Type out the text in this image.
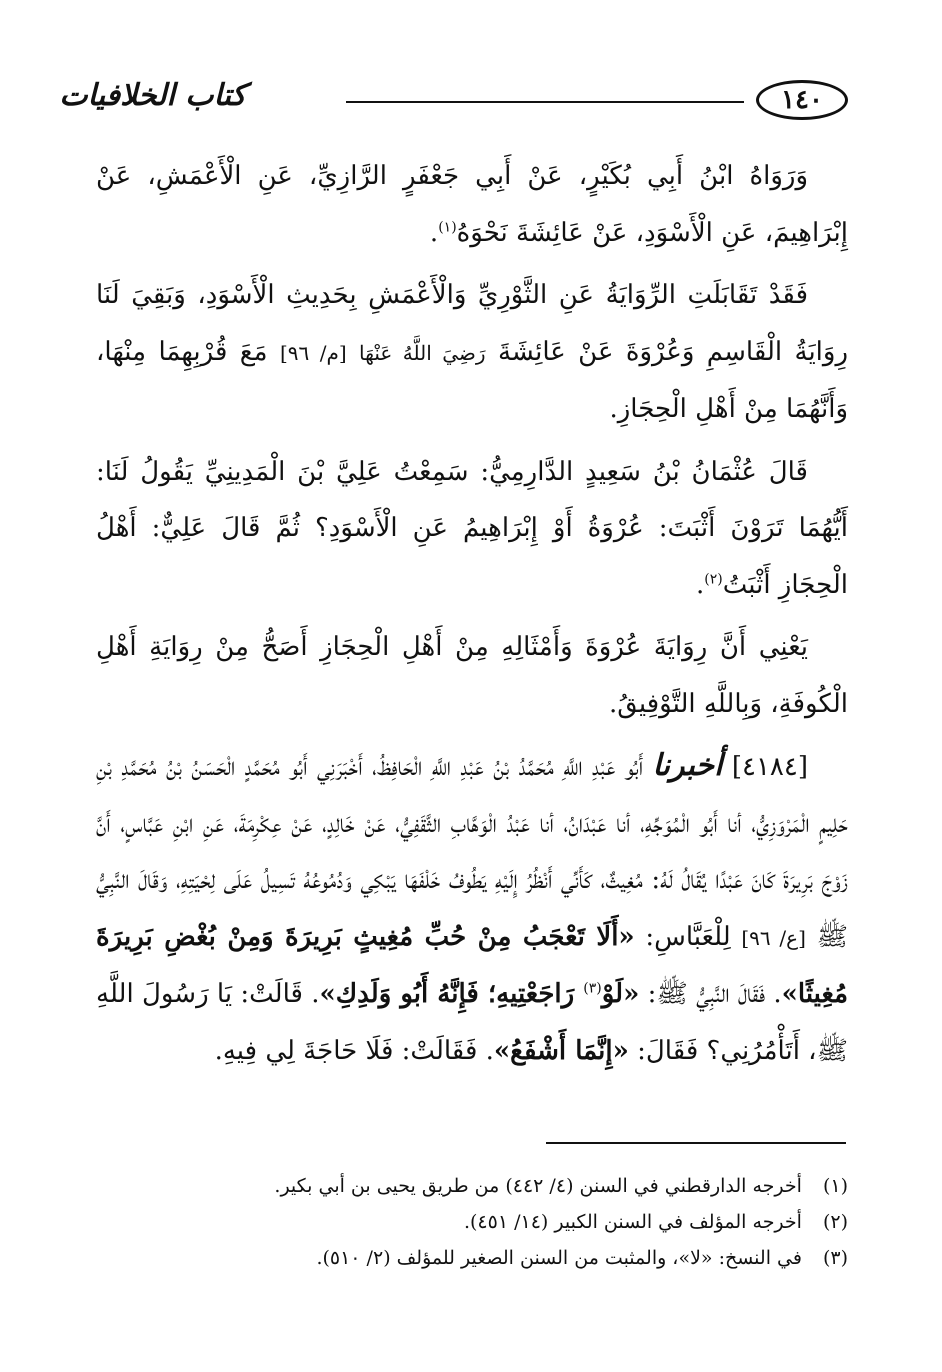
١٤٠
كتاب الخلافيات

وَرَوَاهُ ابْنُ أَبِي بُكَيْرٍ، عَنْ أَبِي جَعْفَرٍ الرَّازِيِّ، عَنِ الْأَعْمَشِ، عَنْ إِبْرَاهِيمَ، عَنِ الْأَسْوَدِ، عَنْ عَائِشَةَ نَحْوَهُ$^{(١)}$.

فَقَدْ تَقَابَلَتِ الرِّوَايَةُ عَنِ الثَّوْرِيِّ وَالْأَعْمَشِ بِحَدِيثِ الْأَسْوَدِ، وَبَقِيَ لَنَا رِوَايَةُ الْقَاسِمِ وَعُرْوَةَ عَنْ عَائِشَةَ رَضِيَ اللَّهُ عَنْهَا [م/ ٩٦] مَعَ قُرْبِهِمَا مِنْهَا، وَأَنَّهُمَا مِنْ أَهْلِ الْحِجَازِ.

قَالَ عُثْمَانُ بْنُ سَعِيدٍ الدَّارِمِيُّ: سَمِعْتُ عَلِيَّ بْنَ الْمَدِينِيِّ يَقُولُ لَنَا: أَيُّهُمَا تَرَوْنَ أَثْبَتَ: عُرْوَةُ أَوْ إِبْرَاهِيمُ عَنِ الْأَسْوَدِ؟ ثُمَّ قَالَ عَلِيٌّ: أَهْلُ الْحِجَازِ أَثْبَتُ$^{(٢)}$.

يَعْنِي أَنَّ رِوَايَةَ عُرْوَةَ وَأَمْثَالِهِ مِنْ أَهْلِ الْحِجَازِ أَصَحُّ مِنْ رِوَايَةِ أَهْلِ الْكُوفَةِ، وَبِاللَّهِ التَّوْفِيقُ.

[٤١٨٤] أخبرنا أَبُو عَبْدِ اللَّهِ مُحَمَّدُ بْنُ عَبْدِ اللَّهِ الْحَافِظُ، أَخْبَرَنِي أَبُو مُحَمَّدٍ الْحَسَنُ بْنُ مُحَمَّدِ بْنِ حَلِيمٍ الْمَرْوَزِيُّ، أنا أَبُو الْمُوَجِّهِ، أنا عَبْدَانُ، أنا عَبْدُ الْوَهَّابِ الثَّقَفِيُّ، عَنْ خَالِدٍ، عَنْ عِكْرِمَةَ، عَنِ ابْنِ عَبَّاسٍ، أَنَّ زَوْجَ بَرِيرَةَ كَانَ عَبْدًا يُقَالُ لَهُ: مُغِيثٌ، كَأَنِّي أَنْظُرُ إِلَيْهِ يَطُوفُ خَلْفَهَا يَبْكِي وَدُمُوعُهُ تَسِيلُ عَلَى لِحْيَتِهِ، وَقَالَ النَّبِيُّ ﷺ [ع/ ٩٦] لِلْعَبَّاسِ: «أَلَا تَعْجَبُ مِنْ حُبِّ مُغِيثٍ بَرِيرَةَ وَمِنْ بُغْضِ بَرِيرَةَ مُغِيثًا». فَقَالَ النَّبِيُّ ﷺ: «لَوْ$^{(٣)}$ رَاجَعْتِيهِ؛ فَإِنَّهُ أَبُو وَلَدِكِ». قَالَتْ: يَا رَسُولَ اللَّهِ ﷺ، أَتَأْمُرُنِي؟ فَقَالَ: «إِنَّمَا أَشْفَعُ». فَقَالَتْ: فَلَا حَاجَةَ لِي فِيهِ.

(١) أخرجه الدارقطني في السنن (٤/ ٤٤٢) من طريق يحيى بن أبي بكير.
(٢) أخرجه المؤلف في السنن الكبير (١٤/ ٤٥١).
(٣) في النسخ: «لا»، والمثبت من السنن الصغير للمؤلف (٢/ ٥١٠).
